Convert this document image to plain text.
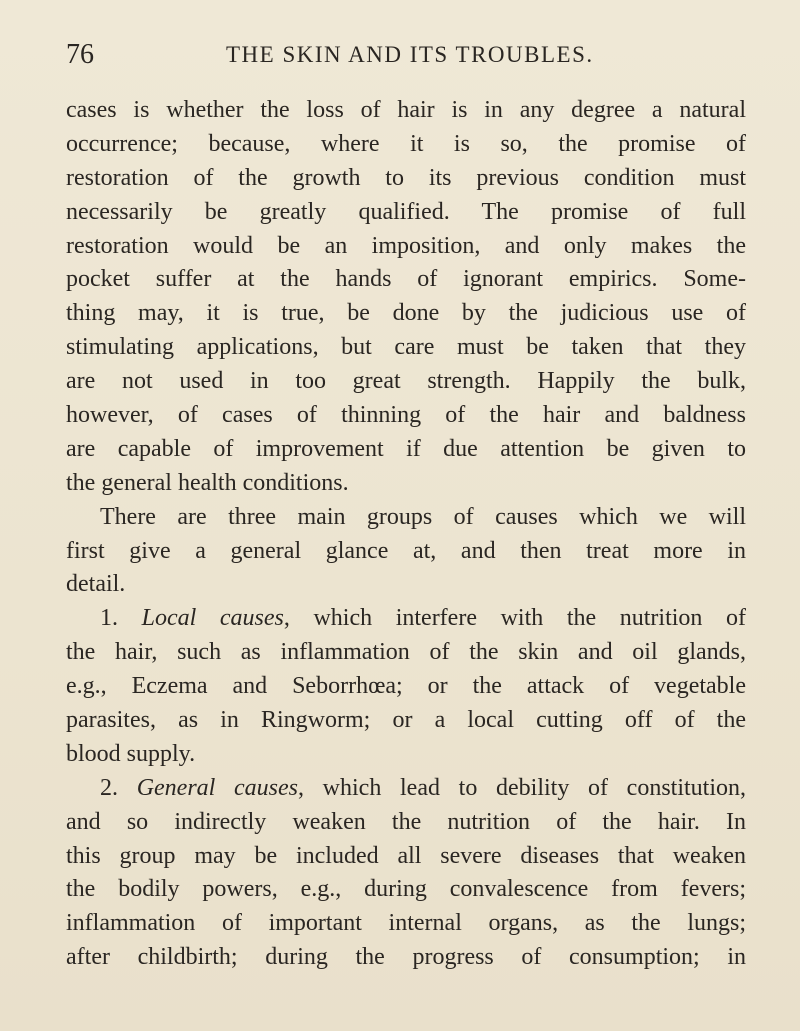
76	THE SKIN AND ITS TROUBLES.
cases is whether the loss of hair is in any degree a natural
occurrence; because, where it is so, the promise of
restoration of the growth to its previous condition must
necessarily be greatly qualified. The promise of full
restoration would be an imposition, and only makes the
pocket suffer at the hands of ignorant empirics. Some-
thing may, it is true, be done by the judicious use of
stimulating applications, but care must be taken that they
are not used in too great strength. Happily the bulk,
however, of cases of thinning of the hair and baldness
are capable of improvement if due attention be given to
the general health conditions.
There are three main groups of causes which we will
first give a general glance at, and then treat more in
detail.
1. Local causes, which interfere with the nutrition of
the hair, such as inflammation of the skin and oil glands,
e.g., Eczema and Seborrhœa; or the attack of vegetable
parasites, as in Ringworm; or a local cutting off of the
blood supply.
2. General causes, which lead to debility of constitution,
and so indirectly weaken the nutrition of the hair. In
this group may be included all severe diseases that weaken
the bodily powers, e.g., during convalescence from fevers;
inflammation of important internal organs, as the lungs;
after childbirth; during the progress of consumption; in
